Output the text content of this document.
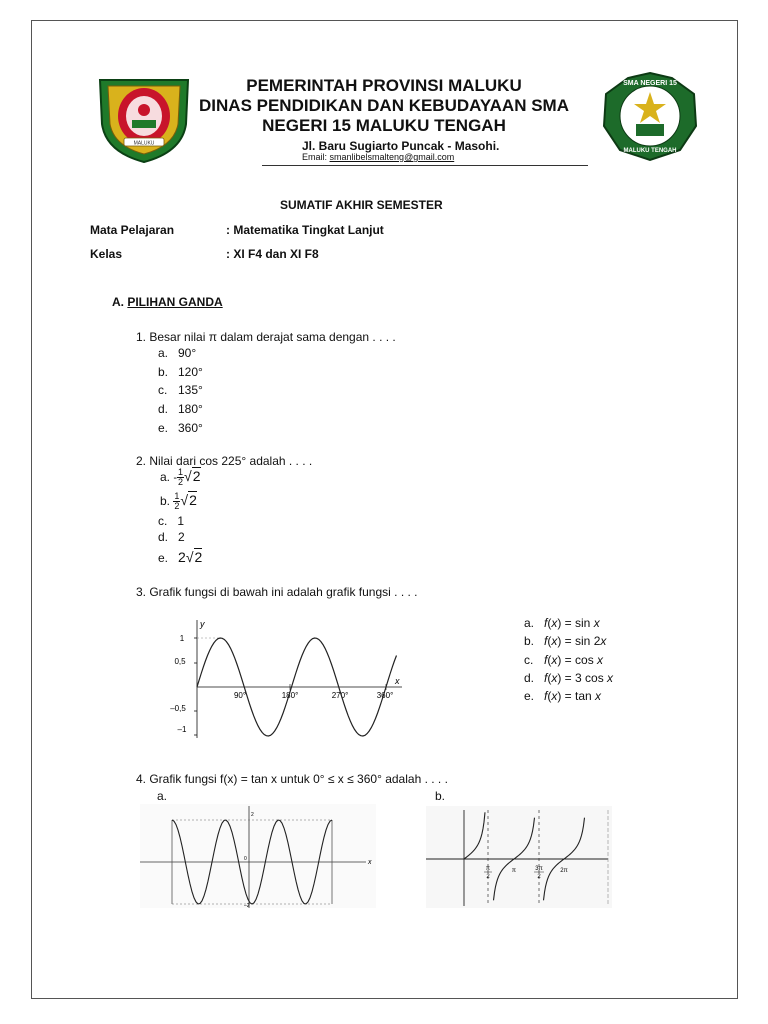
MALUKU
PEMERINTAH PROVINSI MALUKU
DINAS PENDIDIKAN DAN KEBUDAYAAN SMA
NEGERI 15 MALUKU TENGAH
Jl. Baru Sugiarto Puncak - Masohi.
Email: smanlibelsmalteng@gmail.com
SMA NEGERI 15
MALUKU TENGAH
SUMATIF AKHIR SEMESTER
Mata Pelajaran	: Matematika Tingkat Lanjut
Kelas	: XI F4 dan XI F8
A. PILIHAN GANDA
1. Besar nilai π dalam derajat sama dengan . . . .
a. 90°
b. 120°
c. 135°
d. 180°
e. 360°
2. Nilai dari cos 225° adalah . . . .
a. - $\frac{1}{2} √2$
b. $\frac{1}{2} √2$
c. 1
d. 2
e. 2√2
3. Grafik fungsi di bawah ini adalah grafik fungsi . . . .
y
x
1
0,5
–0,5
–1
90°	180°	270°	360°
a. f(x) = sin x
b. f(x) = sin 2x
c. f(x) = cos x
d. f(x) = 3 cos x
e. f(x) = tan x
4. Grafik fungsi f(x) = tan x untuk 0° ≤ x ≤ 360° adalah . . . .
a.	b.
2
0
–2
x
π
2
π	3π
2
2π
